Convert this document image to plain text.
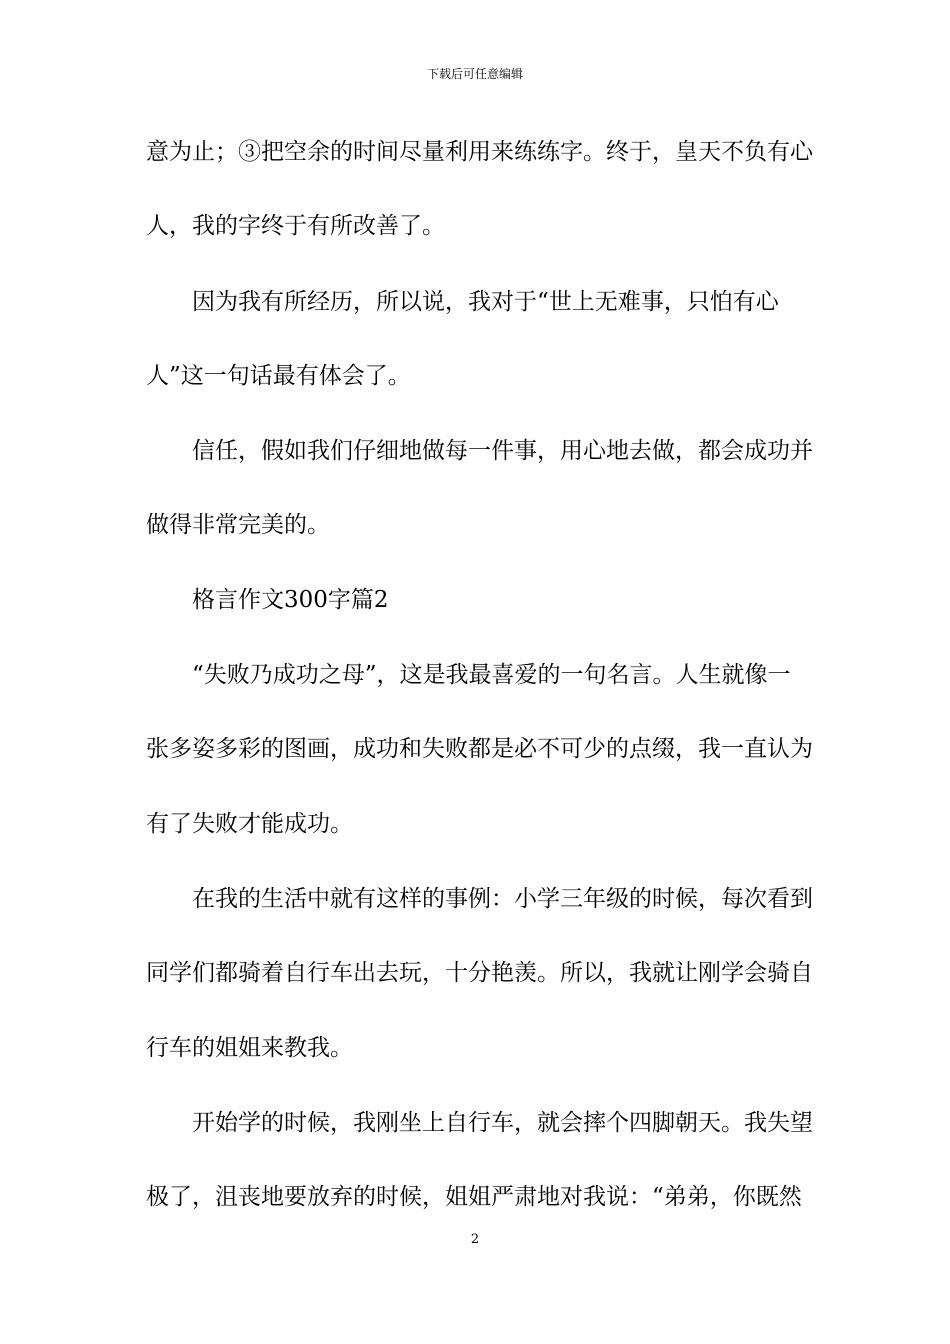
下载后可任意编辑
意为止；③把空余的时间尽量利用来练练字。终于，皇天不负有心
人，我的字终于有所改善了。
因为我有所经历，所以说，我对于“世上无难事，只怕有心
人”这一句话最有体会了。
信任，假如我们仔细地做每一件事，用心地去做，都会成功并
做得非常完美的。
格言作文300字篇2
“失败乃成功之母”，这是我最喜爱的一句名言。人生就像一
张多姿多彩的图画，成功和失败都是必不可少的点缀，我一直认为
有了失败才能成功。
在我的生活中就有这样的事例：小学三年级的时候，每次看到
同学们都骑着自行车出去玩，十分艳羡。所以，我就让刚学会骑自
行车的姐姐来教我。
开始学的时候，我刚坐上自行车，就会摔个四脚朝天。我失望
极了，沮丧地要放弃的时候，姐姐严肃地对我说：“弟弟，你既然
2
